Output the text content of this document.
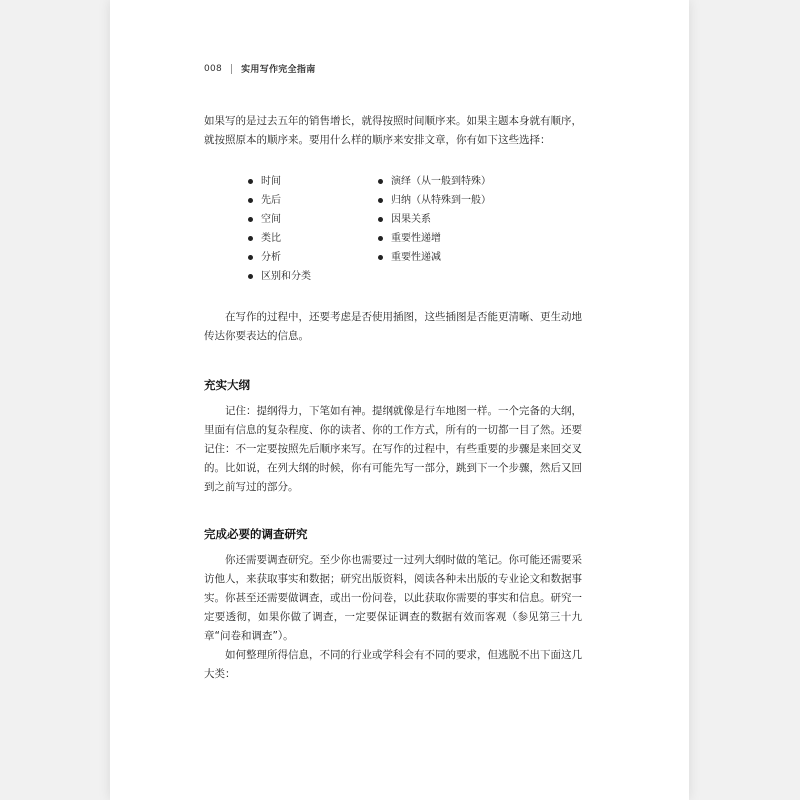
008 实用写作完全指南

如果写的是过去五年的销售增长，就得按照时间顺序来。如果主题本身就有顺序，就按照原本的顺序来。要用什么样的顺序来安排文章，你有如下这些选择：

时间
先后
空间
类比
分析
区别和分类
演绎（从一般到特殊）
归纳（从特殊到一般）
因果关系
重要性递增
重要性递减

在写作的过程中，还要考虑是否使用插图，这些插图是否能更清晰、更生动地传达你要表达的信息。

充实大纲

记住：提纲得力，下笔如有神。提纲就像是行车地图一样。一个完备的大纲，里面有信息的复杂程度、你的读者、你的工作方式，所有的一切都一目了然。还要记住：不一定要按照先后顺序来写。在写作的过程中，有些重要的步骤是来回交叉的。比如说，在列大纲的时候，你有可能先写一部分，跳到下一个步骤，然后又回到之前写过的部分。

完成必要的调查研究

你还需要调查研究。至少你也需要过一过列大纲时做的笔记。你可能还需要采访他人，来获取事实和数据；研究出版资料，阅读各种未出版的专业论文和数据事实。你甚至还需要做调查，或出一份问卷，以此获取你需要的事实和信息。研究一定要透彻，如果你做了调查，一定要保证调查的数据有效而客观（参见第三十九章“问卷和调查”）。

如何整理所得信息，不同的行业或学科会有不同的要求，但逃脱不出下面这几大类：
